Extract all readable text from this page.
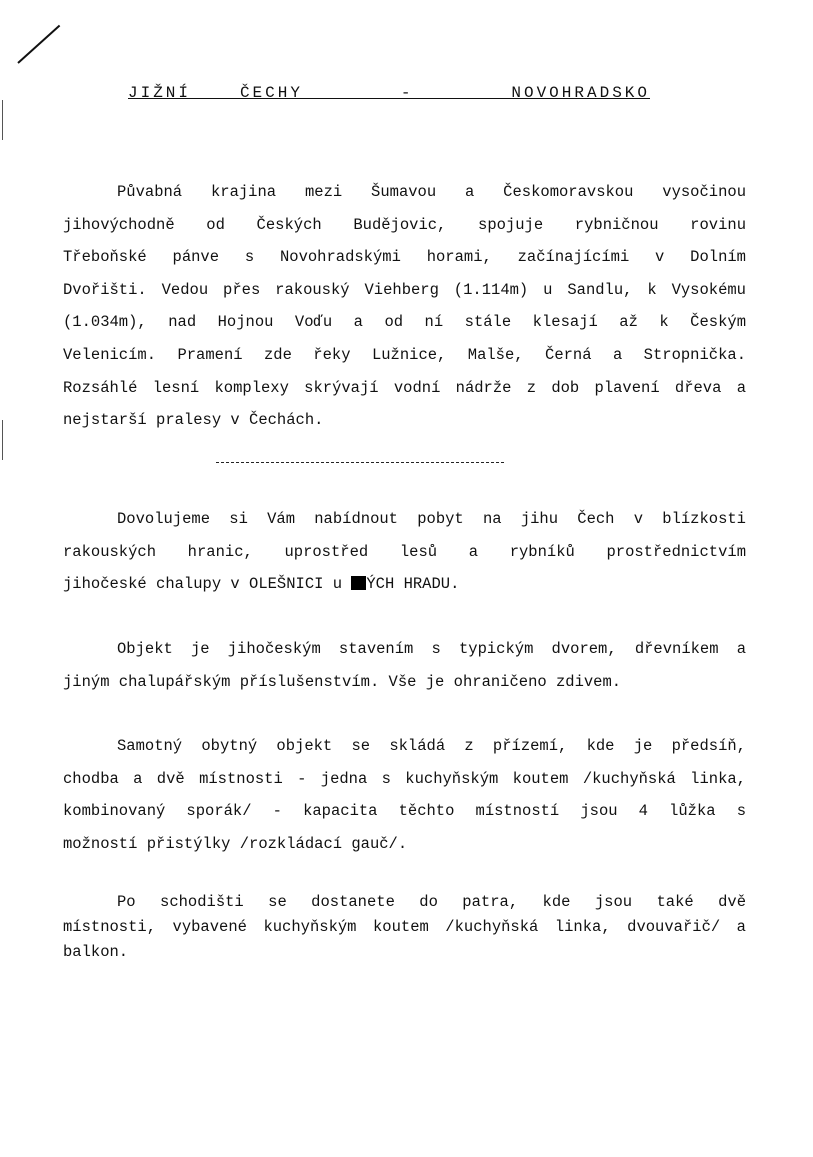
JIŽNÍ ČECHY  -  NOVOHRADSKO
Půvabná krajina mezi Šumavou a Českomoravskou vysočinou
jihovýchodně od Českých Budějovic, spojuje rybničnou rovinu
Třeboňské pánve s Novohradskými horami, začínajícími v Dolním
Dvořišti. Vedou přes rakouský Viehberg (1.114m) u Sandlu, k Vysokému
(1.034m), nad Hojnou Voďu a od ní stále klesají až k Českým
Velenicím. Pramení zde řeky Lužnice, Malše, Černá a Stropnička.
Rozsáhlé lesní komplexy skrývají vodní nádrže z dob plavení dřeva a
nejstarší pralesy v Čechách.
Dovolujeme si Vám nabídnout pobyt na jihu Čech v blízkosti
rakouských hranic, uprostřed lesů a rybníků prostřednictvím
jihočeské chalupy v OLEŠNICI u ÝCH HRADU.
Objekt je jihočeským stavením s typickým dvorem, dřevníkem a
jiným chalupářským příslušenstvím. Vše je ohraničeno zdivem.
Samotný obytný objekt se skládá z přízemí, kde je předsíň,
chodba a dvě místnosti - jedna s kuchyňským koutem /kuchyňská linka,
kombinovaný sporák/ - kapacita těchto místností jsou 4 lůžka s
možností přistýlky /rozkládací gauč/.
Po schodišti se dostanete do patra, kde jsou také dvě
místnosti, vybavené kuchyňským koutem /kuchyňská linka, dvouvařič/ a
balkon.
